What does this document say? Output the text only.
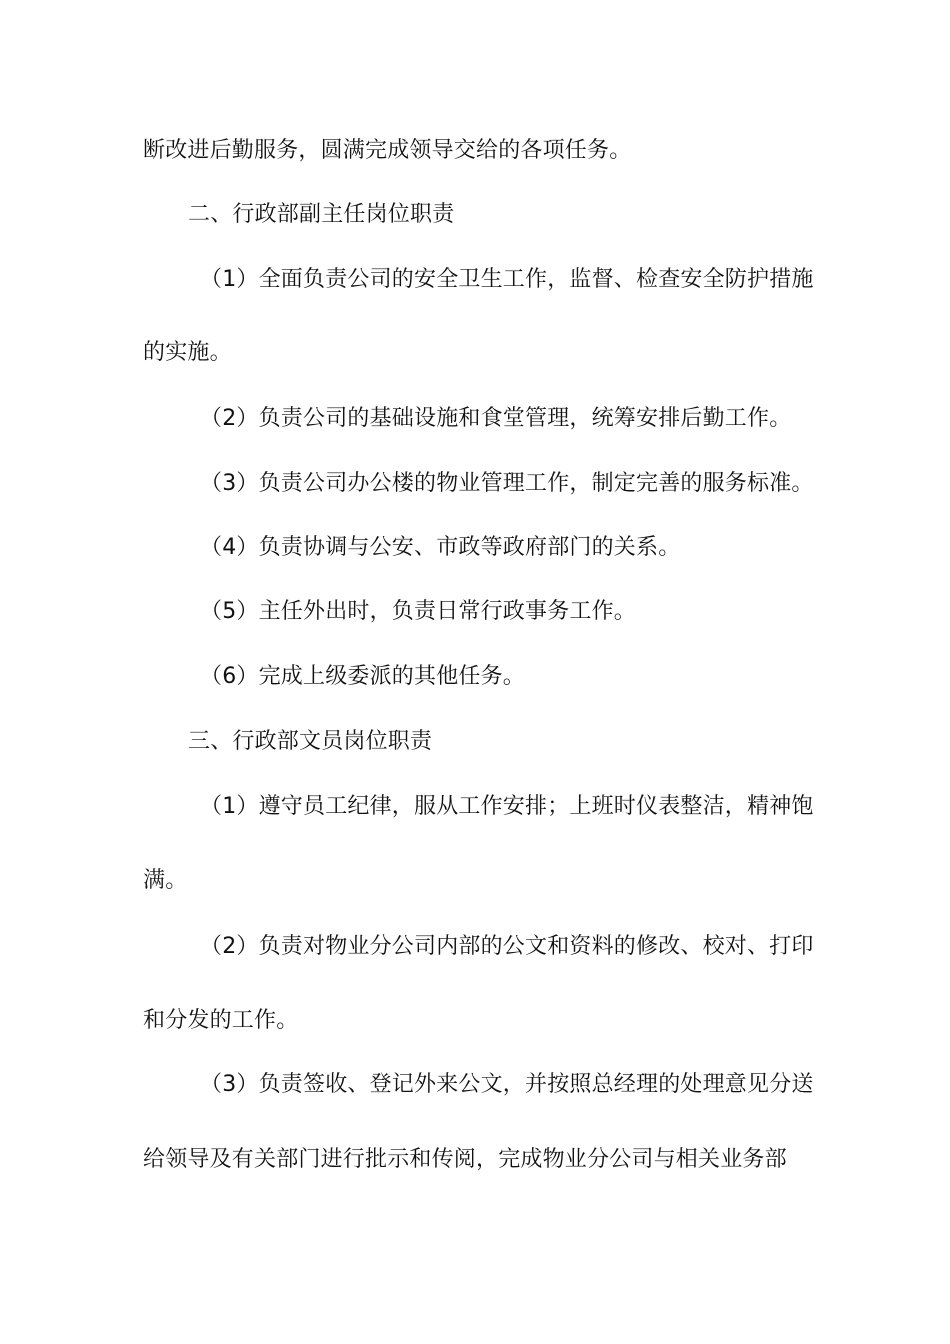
断改进后勤服务，圆满完成领导交给的各项任务。
二、行政部副主任岗位职责
（1）全面负责公司的安全卫生工作，监督、检查安全防护措施
的实施。
（2）负责公司的基础设施和食堂管理，统筹安排后勤工作。
（3）负责公司办公楼的物业管理工作，制定完善的服务标准。
（4）负责协调与公安、市政等政府部门的关系。
（5）主任外出时，负责日常行政事务工作。
（6）完成上级委派的其他任务。
三、行政部文员岗位职责
（1）遵守员工纪律，服从工作安排；上班时仪表整洁，精神饱
满。
（2）负责对物业分公司内部的公文和资料的修改、校对、打印
和分发的工作。
（3）负责签收、登记外来公文，并按照总经理的处理意见分送
给领导及有关部门进行批示和传阅，完成物业分公司与相关业务部
